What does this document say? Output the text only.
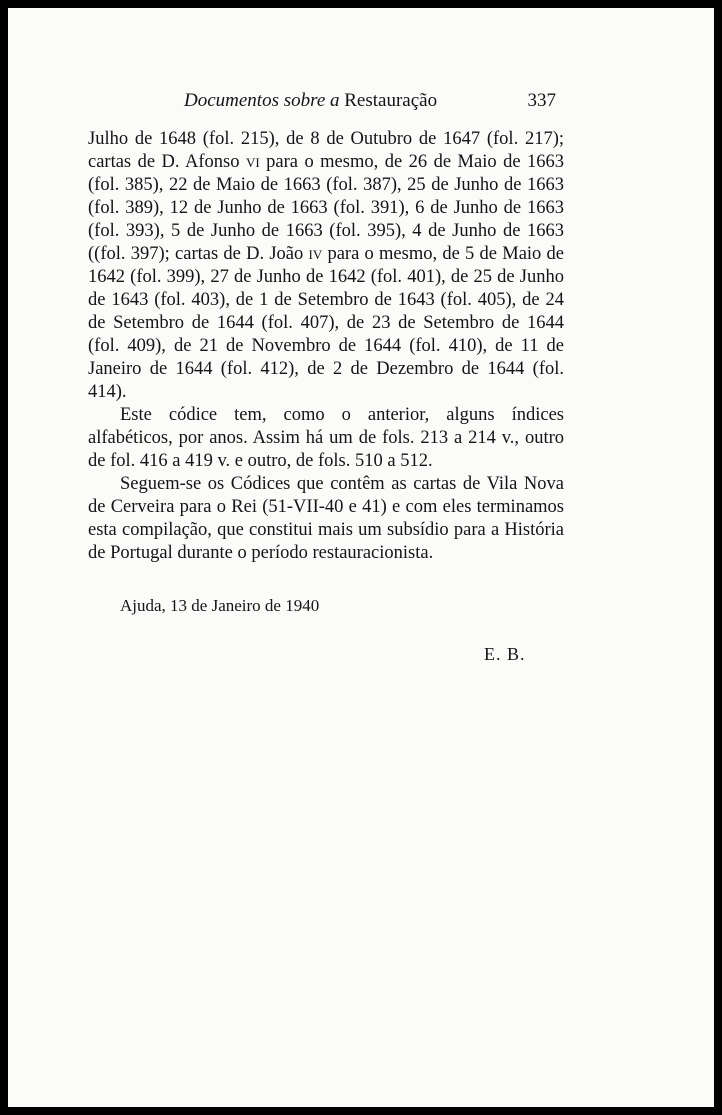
Documentos sobre a Restauração	337

Julho de 1648 (fol. 215), de 8 de Outubro de 1647 (fol. 217); cartas de D. Afonso vi para o mesmo, de 26 de Maio de 1663 (fol. 385), 22 de Maio de 1663 (fol. 387), 25 de Junho de 1663 (fol. 389), 12 de Junho de 1663 (fol. 391), 6 de Junho de 1663 (fol. 393), 5 de Junho de 1663 (fol. 395), 4 de Junho de 1663 ((fol. 397); cartas de D. João iv para o mesmo, de 5 de Maio de 1642 (fol. 399), 27 de Junho de 1642 (fol. 401), de 25 de Junho de 1643 (fol. 403), de 1 de Setembro de 1643 (fol. 405), de 24 de Setembro de 1644 (fol. 407), de 23 de Setembro de 1644 (fol. 409), de 21 de Novembro de 1644 (fol. 410), de 11 de Janeiro de 1644 (fol. 412), de 2 de Dezembro de 1644 (fol. 414).

Este códice tem, como o anterior, alguns índices alfabéticos, por anos. Assim há um de fols. 213 a 214 v., outro de fol. 416 a 419 v. e outro, de fols. 510 a 512.

Seguem-se os Códices que contêm as cartas de Vila Nova de Cerveira para o Rei (51-VII-40 e 41) e com eles terminamos esta compilação, que constitui mais um subsídio para a História de Portugal durante o período restauracionista.

Ajuda, 13 de Janeiro de 1940
E. B.
